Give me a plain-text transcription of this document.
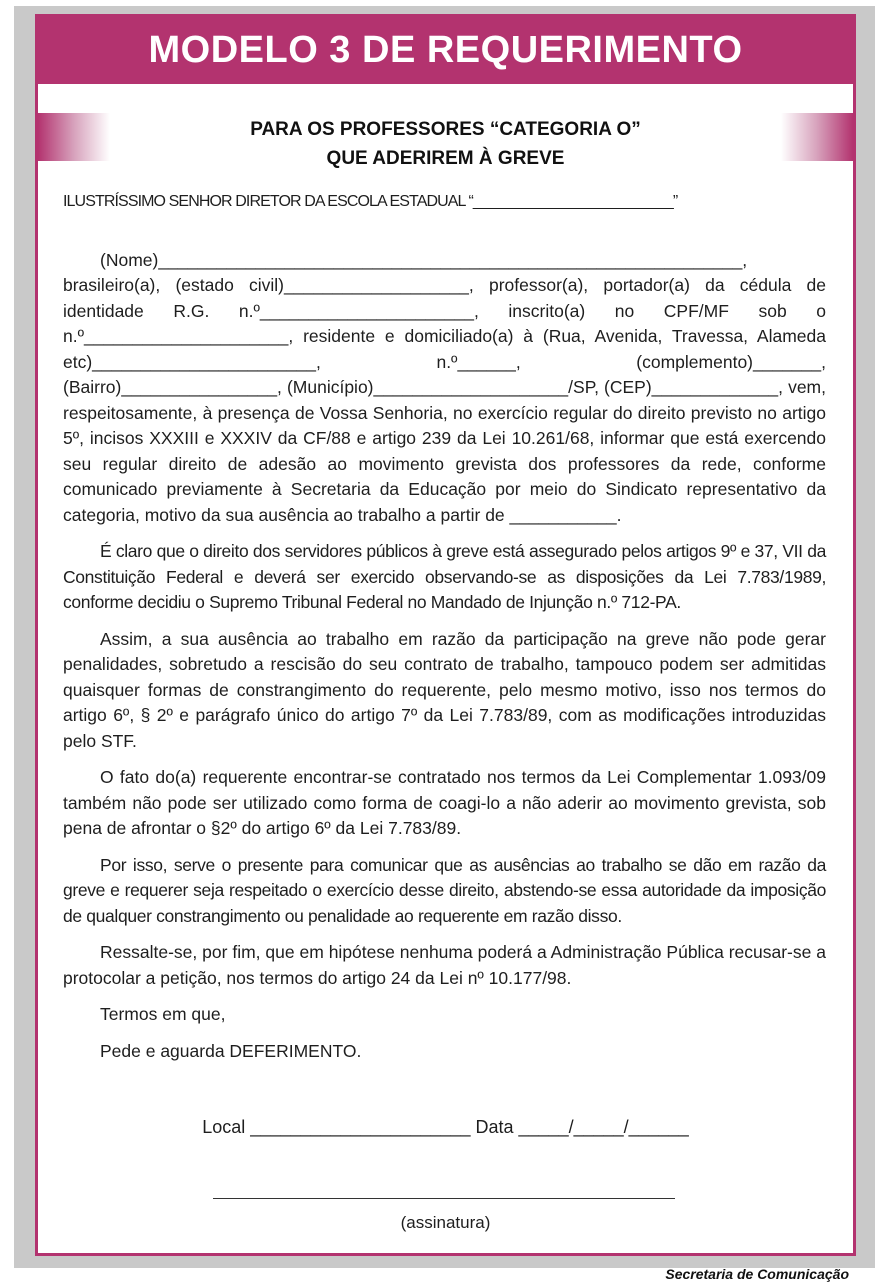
MODELO 3 DE REQUERIMENTO
PARA OS PROFESSORES “CATEGORIA O”
QUE ADERIREM À GREVE

ILUSTRÍSSIMO SENHOR DIRETOR DA ESCOLA ESTADUAL “_________________________”

(Nome)____________________________________________________________, brasileiro(a), (estado civil)___________________, professor(a), portador(a) da cédula de identidade R.G. n.º______________________, inscrito(a) no CPF/MF sob o n.º_____________________, residente e domiciliado(a) à (Rua, Avenida, Travessa, Alameda etc)_______________________, n.º______, (complemento)_______, (Bairro)________________, (Município)____________________/SP, (CEP)_____________, vem, respeitosamente, à presença de Vossa Senhoria, no exercício regular do direito previsto no artigo 5º, incisos XXXIII e XXXIV da CF/88 e artigo 239 da Lei 10.261/68, informar que está exercendo seu regular direito de adesão ao movimento grevista dos professores da rede, conforme comunicado previamente à Secretaria da Educação por meio do Sindicato representativo da categoria, motivo da sua ausência ao trabalho a partir de ___________.

É claro que o direito dos servidores públicos à greve está assegurado pelos artigos 9º e 37, VII da Constituição Federal e deverá ser exercido observando-se as disposições da Lei 7.783/1989, conforme decidiu o Supremo Tribunal Federal no Mandado de Injunção n.º 712-PA.

Assim, a sua ausência ao trabalho em razão da participação na greve não pode gerar penalidades, sobretudo a rescisão do seu contrato de trabalho, tampouco podem ser admitidas quaisquer formas de constrangimento do requerente, pelo mesmo motivo, isso nos termos do artigo 6º, § 2º e parágrafo único do artigo 7º da Lei 7.783/89, com as modificações introduzidas pelo STF.

O fato do(a) requerente encontrar-se contratado nos termos da Lei Complementar 1.093/09 também não pode ser utilizado como forma de coagi-lo a não aderir ao movimento grevista, sob pena de afrontar o §2º do artigo 6º da Lei 7.783/89.

Por isso, serve o presente para comunicar que as ausências ao trabalho se dão em razão da greve e requerer seja respeitado o exercício desse direito, abstendo-se essa autoridade da imposição de qualquer constrangimento ou penalidade ao requerente em razão disso.

Ressalte-se, por fim, que em hipótese nenhuma poderá a Administração Pública recusar-se a protocolar a petição, nos termos do artigo 24 da Lei nº 10.177/98.

Termos em que,

Pede e aguarda DEFERIMENTO.

Local ______________________ Data _____/_____/______
(assinatura)
Secretaria de Comunicação
